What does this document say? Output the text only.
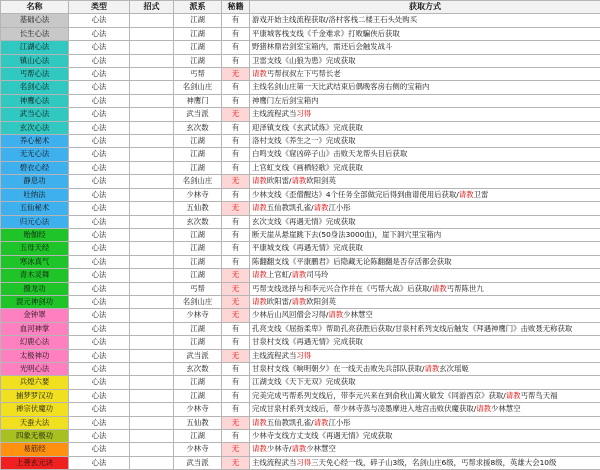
名称	类型	招式	派系	秘籍	获取方式
基础心法	心法		江湖	有	游戏开始主线流程获取/洛村客栈二楼王石头处购买
长生心法	心法		江湖	有	平康城客栈支线《千金难求》打败騙侠后获取
江湖心法	心法		江湖	有	野猪林鼎岩剑室宝箱内，需还后会触发战斗
镇山心法	心法		江湖	有	卫雷支线《山狼为患》完成获取
丐帮心法	心法		丐帮	无	请教丐帮叔叔左下丐帮长老
名剑心法	心法		名剑山庄	有	主线名剑山庄第一天比武结束后偶晚客房右侧的宝箱内
神鹰心法	心法		神鹰门	有	神鹰门左后剑宝箱内
武当心法	心法		武当派	无	主线流程武当习得
玄次心法	心法		玄次数	有	迎泽镇支线《玄武试炼》完成获取
养心秘术	心法		江湖	有	洛村支线《养生之一》完成获取
无无心法	心法		江湖	有	白鸣支线《窟凶碎子山》击败天龙帮头目后获取
碧衣心经	心法		江湖	有	上官虹支线《画栖轻歌》完成获取
静息功	心法		名剑山庄	无	请教欧阳雷/请教欧阳剑英
吐纳法	心法		少林寺	有	少林支线《歪僧醒达》4个任务全部做完后得到曲谱使用后获取/请教卫雷
五仙秘术	心法		五仙教	无	请教五仙教凯孔雀/请教江小彤
归元心法	心法		玄次数	有	玄次支线《再遇无情》完成获取
贻伽经	心法		江湖	有	断天崖从悬崖跳下去(50身法3000血)，崖下洞穴里宝箱内
五母天经	心法		江湖	有	平康城支线《再遇无情》完成获取
寒冰真气	心法		江湖	有	陈翻翻支线《平康鹏君》后隐藏无论陈翻翻是否存活都会获取
青木灵舞	心法		江湖	无	请教上官虹/请教司马玲
摄龙功	心法		丐帮	无	丐帮支线选择与和李元兴合作并在《丐帮大战》后获取/请教丐帮陈世九
混元神剑功	心法		名剑山庄	无	请教欧阳雷/请教欧阳剑英
金钟罩	心法		少林寺	无	少林后山风回僧会习得/请教少林慧空
血河神掌	心法		江湖	有	孔亮支线《屈指柔卑》帮助孔亮获胜后获取/甘泉村系列支线后触发《拜遇神鹰门》击败聂无称获取
幻鹿心法	心法		江湖	有	甘泉村支线《再遇无情》完成获取
太极神功	心法		武当派	无	主线流程武当习得
光明心法	心法		玄次数	有	甘泉村支线《晌明朝夕》在一线天击败先兵部队获取/请教玄次瑶姬
兵煌六要	心法		江湖	有	江湖支线《天下无双》完成获取
捕梦罗汉功	心法		江湖	有	完美完成丐帮系列支线后，带李元兴来在到俞秋山篱火敏发《同游西京》获取/请教丐帮鸟天福
禅宗伏魔功	心法		少林寺	有	完成甘泉村系列支线后，带少林寺蒸与凌墨摩进入地宫击败伏魔获取/请教少林慧空
天蚕大法	心法		五仙教	无	请教五仙教凯孔雀/请教江小彤
四象无极功	心法		江湖	有	少林寺支线方丈支线《再遇无情》完成获取
易筋经	心法		少林寺	无	请教少林寺/请教少林慧空
上善玄元诀	心法		武当派	无	主线流程武当习得三天免心经一线，碎子山3级，名剑山庄6级，丐帮求援8级，英雄大会10级
